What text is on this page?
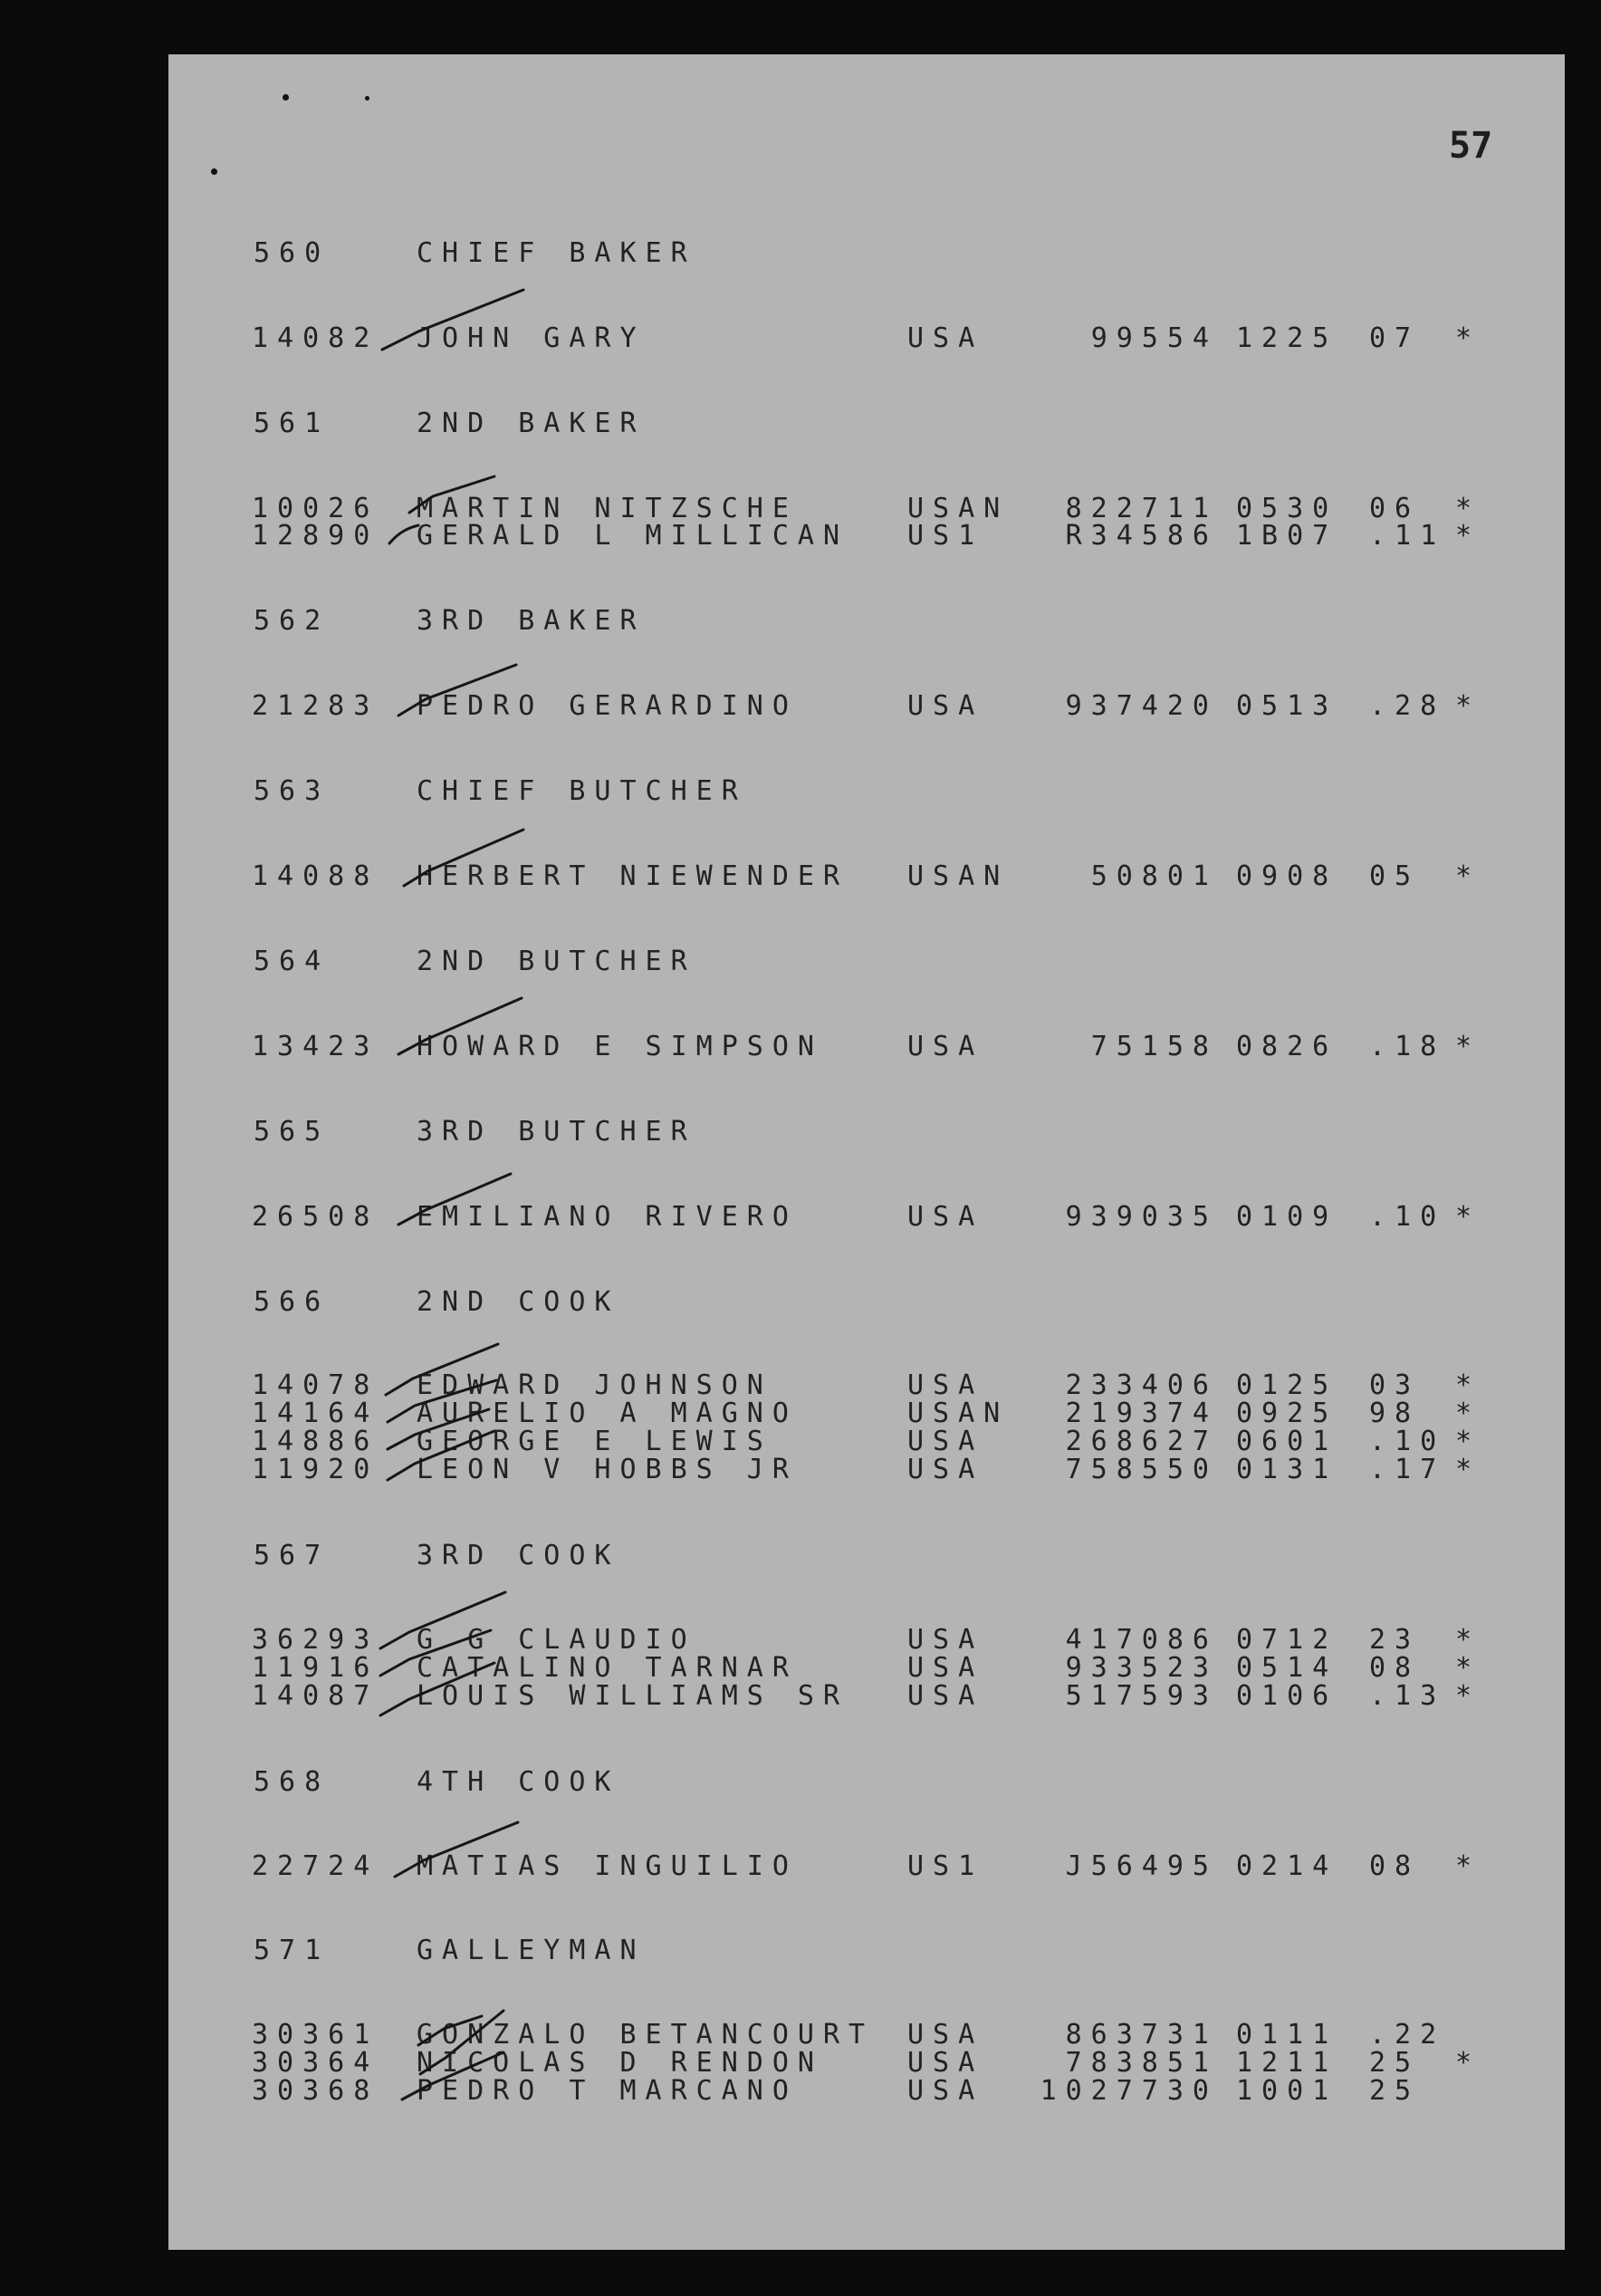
57
560	CHIEF BAKER
14082 JOHN GARY	USA	99554 1225 07 *
561	2ND BAKER
10026 MARTIN NITZSCHE	USAN	822711 0530 06 *
12890 GERALD L MILLICAN US1	R34586 1B07 .11 *
562	3RD BAKER
21283 PEDRO GERARDINO	USA	937420 0513 .28 *
563	CHIEF BUTCHER
14088 HERBERT NIEWENDER USAN	50801 0908 05 *
564	2ND BUTCHER
13423 HOWARD E SIMPSON	USA	75158 0826 .18 *
565	3RD BUTCHER
26508 EMILIANO RIVERO	USA	939035 0109 .10 *
566	2ND COOK
14078 EDWARD JOHNSON	USA	233406 0125 03 *
14164 AURELIO A MAGNO	USAN	219374 0925 98 *
14886 GEORGE E LEWIS	USA	268627 0601 .10 *
11920 LEON V HOBBS JR	USA	758550 0131 .17 *
567	3RD COOK
36293 G G CLAUDIO	USA	417086 0712 23 *
11916 CATALINO TARNAR	USA	933523 0514 08 *
14087 LOUIS WILLIAMS SR USA	517593 0106 .13 *
568	4TH COOK
22724 MATIAS INGUILIO	US1	J56495 0214 08 *
571	GALLEYMAN
30361 GONZALO BETANCOURT USA	863731 0111 .22
30364 NICOLAS D RENDON	USA	783851 1211 25 *
30368 PEDRO T MARCANO	USA	1027730 1001 25
